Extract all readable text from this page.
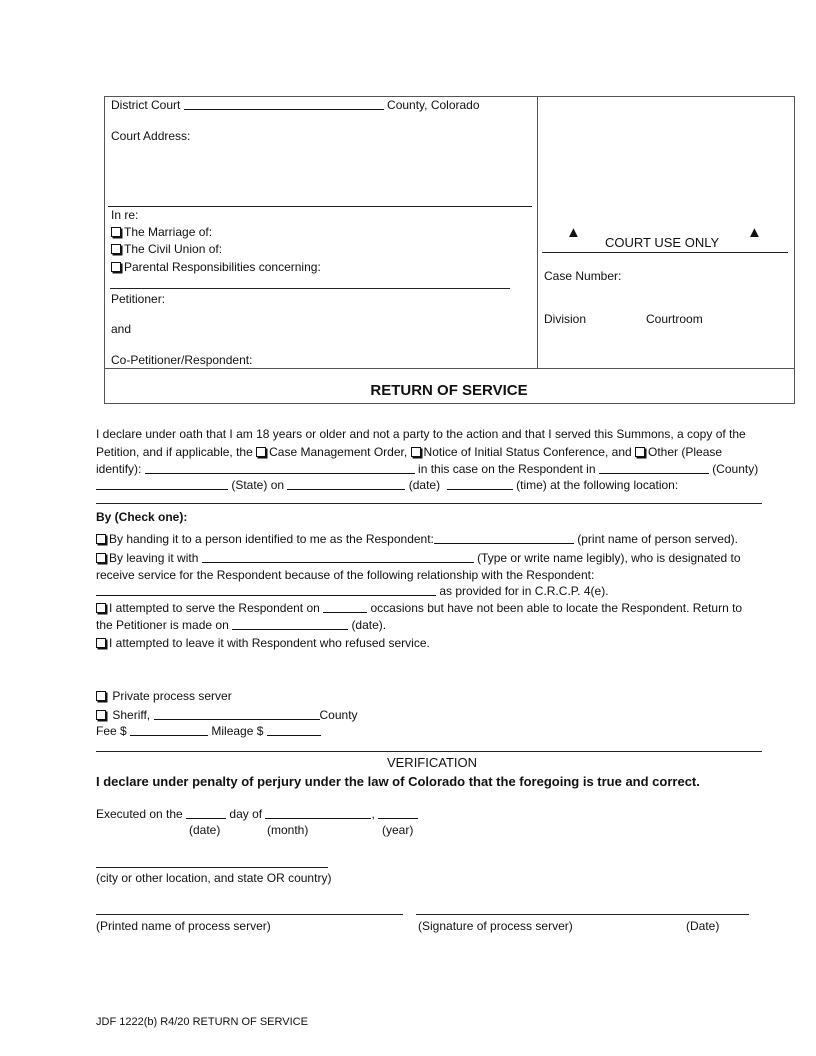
District Court	County, Colorado
Court Address:
In re:
The Marriage of:
The Civil Union of:
Parental Responsibilities concerning:
Petitioner:
and
Co-Petitioner/Respondent:
▲
COURT USE ONLY
▲
Case Number:
Division	Courtroom
RETURN OF SERVICE
I declare under oath that I am 18 years or older and not a party to the action and that I served this Summons, a copy of the
Petition, and if applicable, the Case Management Order, Notice of Initial Status Conference, and Other (Please
identify):	in this case on the Respondent in	(County)
(State) on	(date)	(time) at the following location:
By (Check one):
By handing it to a person identified to me as the Respondent:	(print name of person served).
By leaving it with	(Type or write name legibly), who is designated to
receive service for the Respondent because of the following relationship with the Respondent:
as provided for in C.R.C.P. 4(e).
I attempted to serve the Respondent on	occasions but have not been able to locate the Respondent. Return to
the Petitioner is made on	(date).
I attempted to leave it with Respondent who refused service.
Private process server
Sheriff,	County
Fee $	Mileage $
VERIFICATION
I declare under penalty of perjury under the law of Colorado that the foregoing is true and correct.
Executed on the	day of	,
(date)	(month)	(year)
(city or other location, and state OR country)
(Printed name of process server)	(Signature of process server)	(Date)
JDF 1222(b) R4/20 RETURN OF SERVICE
